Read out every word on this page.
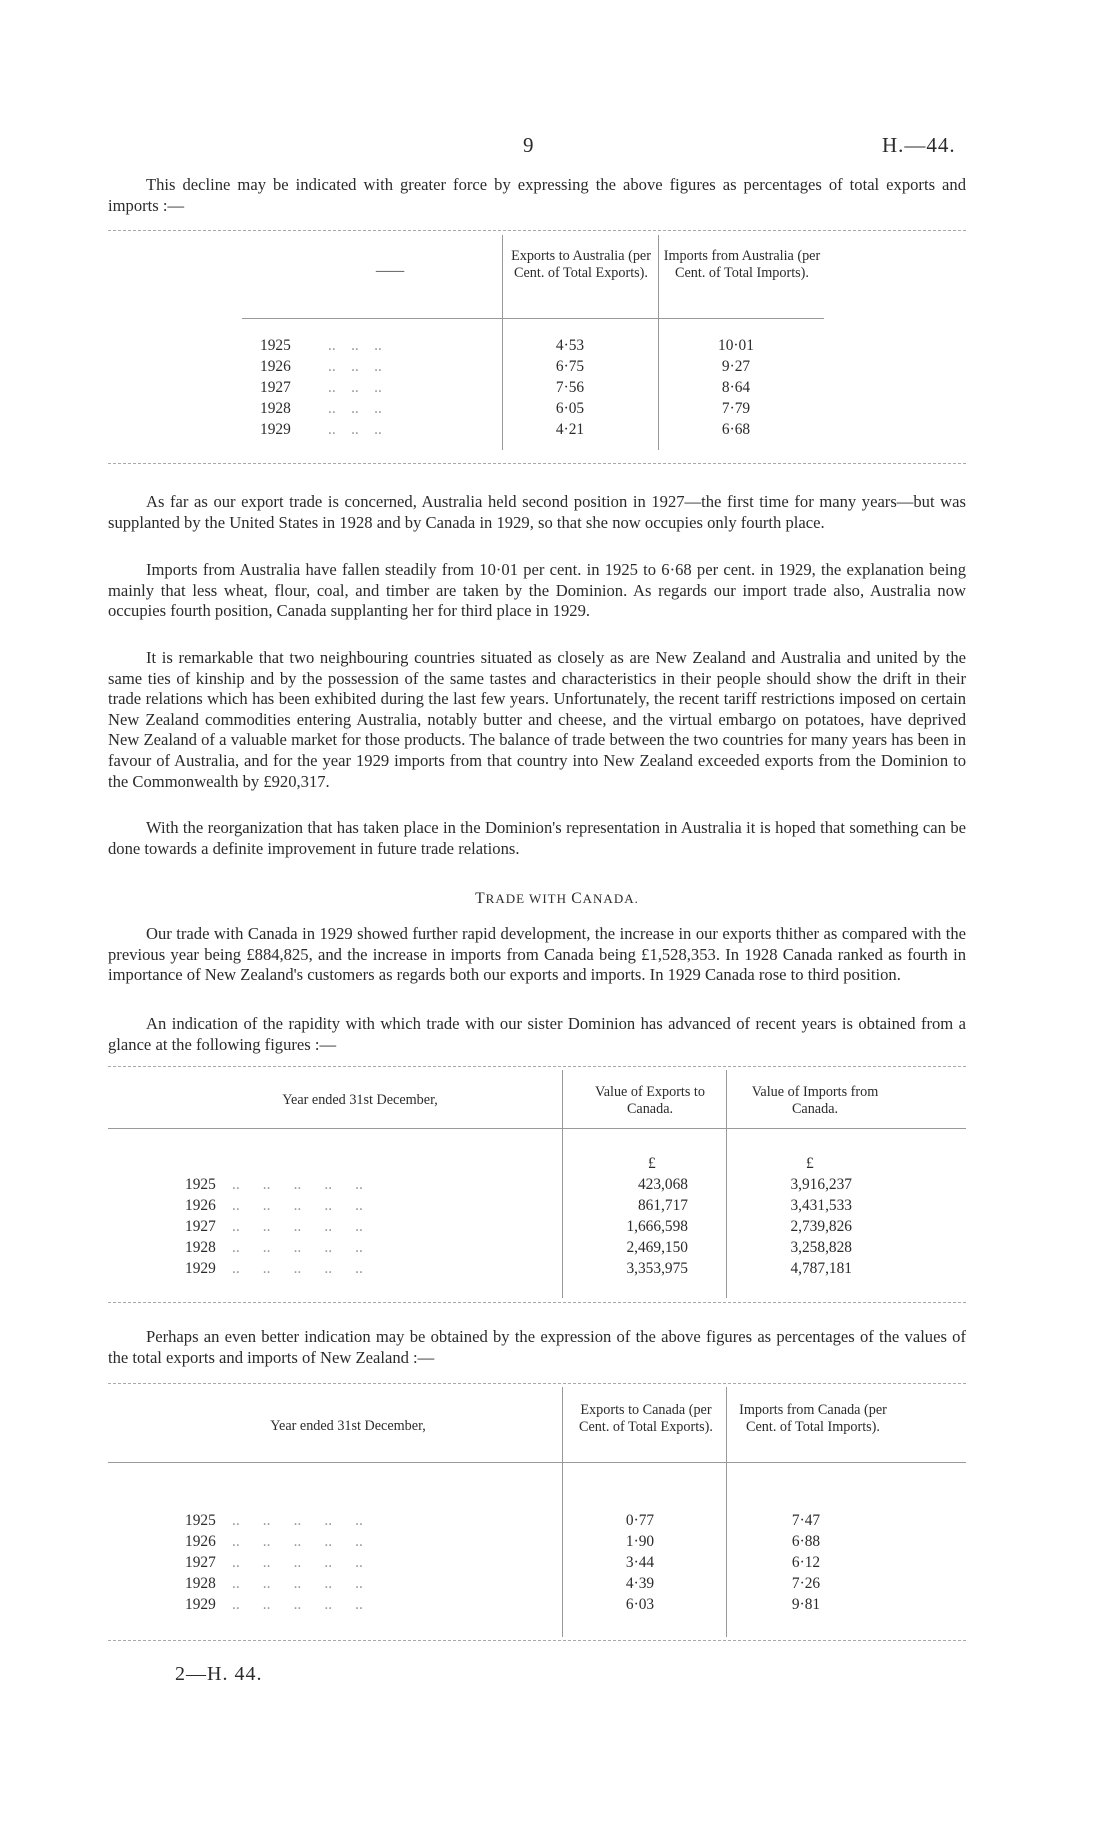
9	H.—44.

This decline may be indicated with greater force by expressing the above figures as percentages of total exports and imports :—

——
Exports to Australia (per Cent. of Total Exports).
Imports from Australia (per Cent. of Total Imports).
1925 ..    ..    ..	4·53	10·01
1926 ..    ..    ..	6·75	9·27
1927 ..    ..    ..	7·56	8·64
1928 ..    ..    ..	6·05	7·79
1929 ..    ..    ..	4·21	6·68

As far as our export trade is concerned, Australia held second position in 1927—the first time for many years—but was supplanted by the United States in 1928 and by Canada in 1929, so that she now occupies only fourth place.

Imports from Australia have fallen steadily from 10·01 per cent. in 1925 to 6·68 per cent. in 1929, the explanation being mainly that less wheat, flour, coal, and timber are taken by the Dominion. As regards our import trade also, Australia now occupies fourth position, Canada supplanting her for third place in 1929.

It is remarkable that two neighbouring countries situated as closely as are New Zealand and Australia and united by the same ties of kinship and by the possession of the same tastes and characteristics in their people should show the drift in their trade relations which has been exhibited during the last few years. Unfortunately, the recent tariff restrictions imposed on certain New Zealand commodities entering Australia, notably butter and cheese, and the virtual embargo on potatoes, have deprived New Zealand of a valuable market for those products. The balance of trade between the two countries for many years has been in favour of Australia, and for the year 1929 imports from that country into New Zealand exceeded exports from the Dominion to the Commonwealth by £920,317.

With the reorganization that has taken place in the Dominion's representation in Australia it is hoped that something can be done towards a definite improvement in future trade relations.

TRADE WITH CANADA.

Our trade with Canada in 1929 showed further rapid development, the increase in our exports thither as compared with the previous year being £884,825, and the increase in imports from Canada being £1,528,353. In 1928 Canada ranked as fourth in importance of New Zealand's customers as regards both our exports and imports. In 1929 Canada rose to third position.

An indication of the rapidity with which trade with our sister Dominion has advanced of recent years is obtained from a glance at the following figures :—

Year ended 31st December,	Value of Exports to Canada.
Value of Imports from Canada.
£	£
1925 ..      ..      ..      ..      ..	423,068	3,916,237
1926 ..      ..      ..      ..      ..	861,717	3,431,533
1927 ..      ..      ..      ..      ..	1,666,598	2,739,826
1928 ..      ..      ..      ..      ..	2,469,150	3,258,828
1929 ..      ..      ..      ..      ..	3,353,975	4,787,181

Perhaps an even better indication may be obtained by the expression of the above figures as percentages of the values of the total exports and imports of New Zealand :—

Year ended 31st December,
Exports to Canada (per Cent. of Total Exports).
Imports from Canada (per Cent. of Total Imports).
1925 ..      ..      ..      ..      ..	0·77	7·47
1926 ..      ..      ..      ..      ..	1·90	6·88
1927 ..      ..      ..      ..      ..	3·44	6·12
1928 ..      ..      ..      ..      ..	4·39	7·26
1929 ..      ..      ..      ..      ..	6·03	9·81
2—H. 44.
